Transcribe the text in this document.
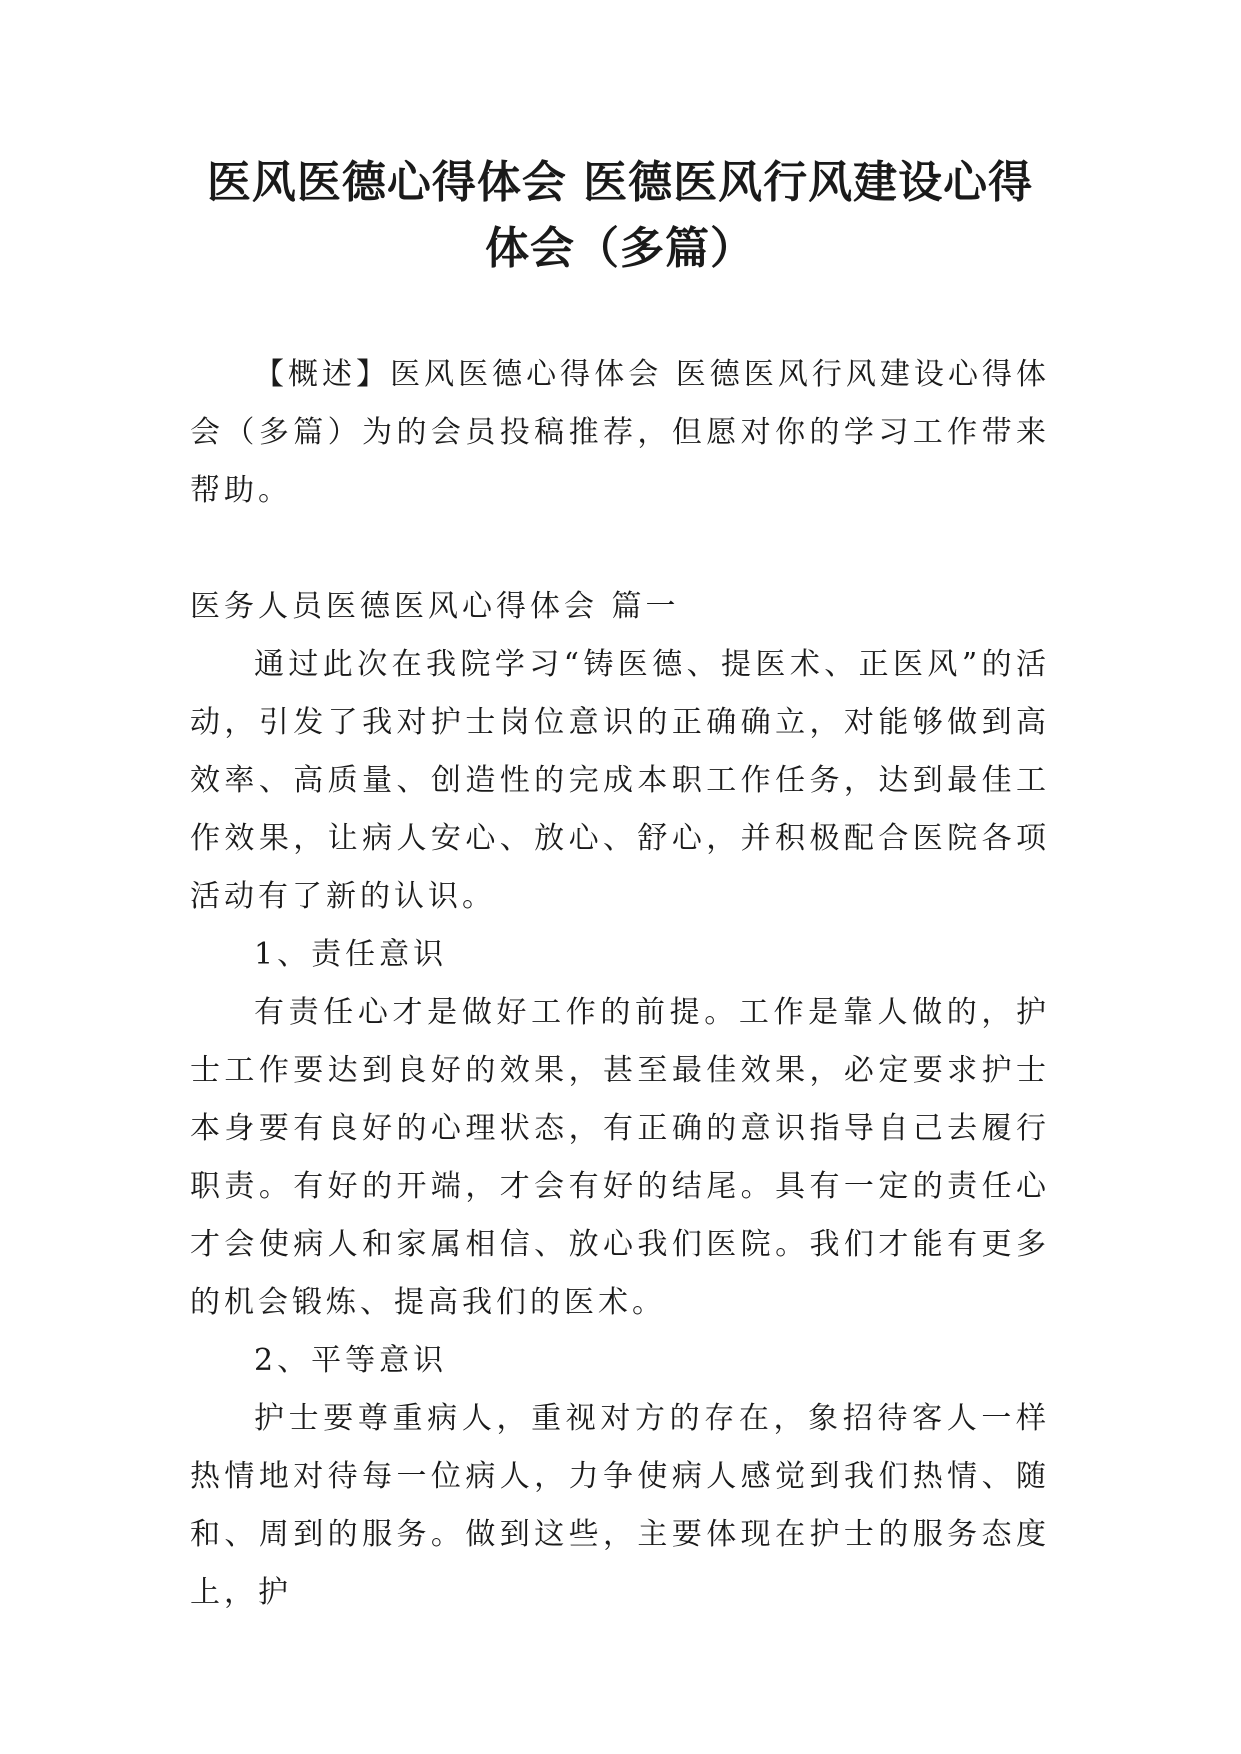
医风医德心得体会 医德医风行风建设心得体会（多篇）

【概述】医风医德心得体会 医德医风行风建设心得体会（多篇）为的会员投稿推荐，但愿对你的学习工作带来帮助。

医务人员医德医风心得体会 篇一

通过此次在我院学习“铸医德、提医术、正医风”的活动，引发了我对护士岗位意识的正确确立，对能够做到高效率、高质量、创造性的完成本职工作任务，达到最佳工作效果，让病人安心、放心、舒心，并积极配合医院各项活动有了新的认识。

1、责任意识

有责任心才是做好工作的前提。工作是靠人做的，护士工作要达到良好的效果，甚至最佳效果，必定要求护士本身要有良好的心理状态，有正确的意识指导自己去履行职责。有好的开端，才会有好的结尾。具有一定的责任心才会使病人和家属相信、放心我们医院。我们才能有更多的机会锻炼、提高我们的医术。

2、平等意识

护士要尊重病人，重视对方的存在，象招待客人一样热情地对待每一位病人，力争使病人感觉到我们热情、随和、周到的服务。做到这些，主要体现在护士的服务态度上，护
